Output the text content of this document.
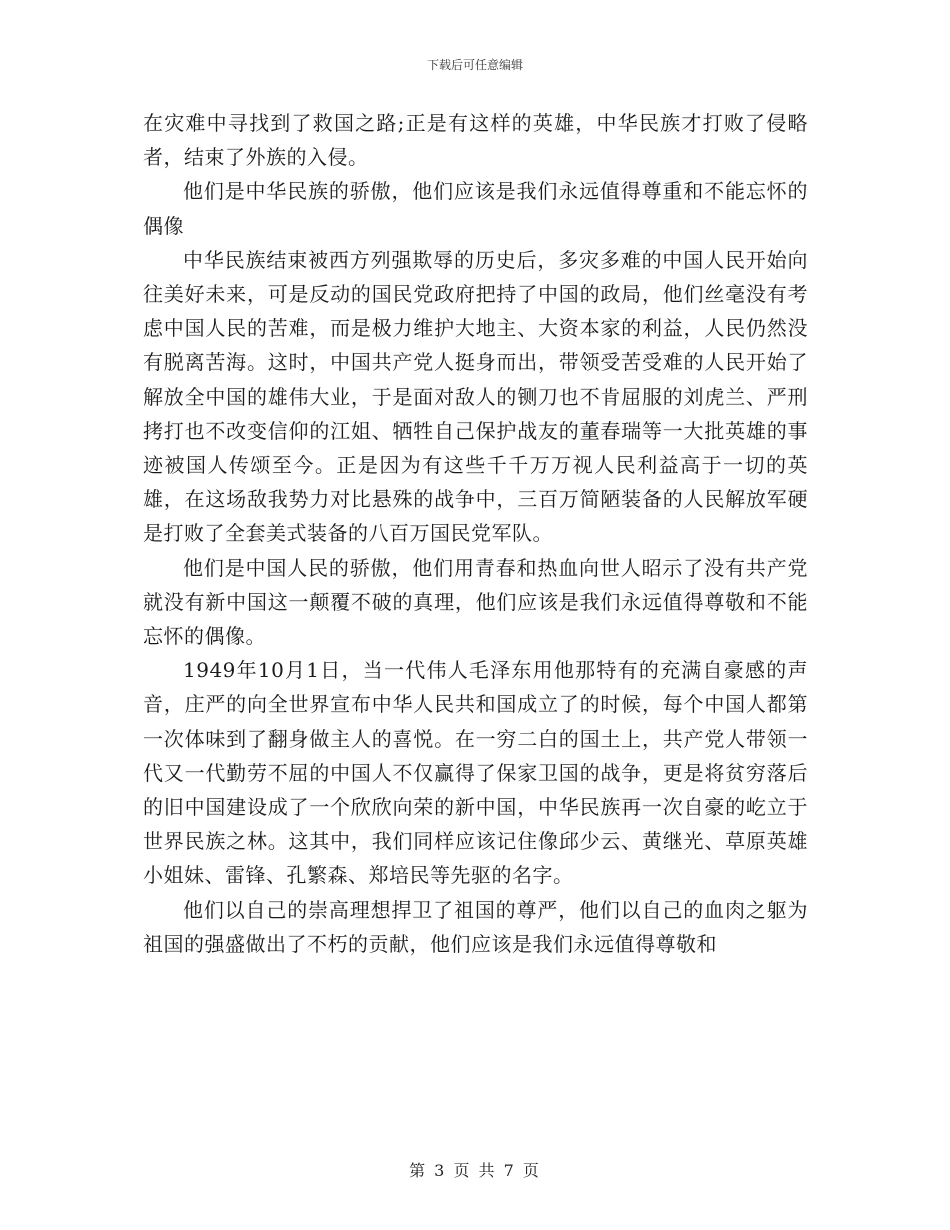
下载后可任意编辑

在灾难中寻找到了救国之路;正是有这样的英雄，中华民族才打败了侵略者，结束了外族的入侵。

他们是中华民族的骄傲，他们应该是我们永远值得尊重和不能忘怀的偶像

中华民族结束被西方列强欺辱的历史后，多灾多难的中国人民开始向往美好未来，可是反动的国民党政府把持了中国的政局，他们丝毫没有考虑中国人民的苦难，而是极力维护大地主、大资本家的利益，人民仍然没有脱离苦海。这时，中国共产党人挺身而出，带领受苦受难的人民开始了解放全中国的雄伟大业，于是面对敌人的铡刀也不肯屈服的刘虎兰、严刑拷打也不改变信仰的江姐、牺牲自己保护战友的董春瑞等一大批英雄的事迹被国人传颂至今。正是因为有这些千千万万视人民利益高于一切的英雄，在这场敌我势力对比悬殊的战争中，三百万简陋装备的人民解放军硬是打败了全套美式装备的八百万国民党军队。

他们是中国人民的骄傲，他们用青春和热血向世人昭示了没有共产党就没有新中国这一颠覆不破的真理，他们应该是我们永远值得尊敬和不能忘怀的偶像。

1949年10月1日，当一代伟人毛泽东用他那特有的充满自豪感的声音，庄严的向全世界宣布中华人民共和国成立了的时候，每个中国人都第一次体味到了翻身做主人的喜悦。在一穷二白的国土上，共产党人带领一代又一代勤劳不屈的中国人不仅赢得了保家卫国的战争，更是将贫穷落后的旧中国建设成了一个欣欣向荣的新中国，中华民族再一次自豪的屹立于世界民族之林。这其中，我们同样应该记住像邱少云、黄继光、草原英雄小姐妹、雷锋、孔繁森、郑培民等先驱的名字。

他们以自己的崇高理想捍卫了祖国的尊严，他们以自己的血肉之躯为祖国的强盛做出了不朽的贡献，他们应该是我们永远值得尊敬和

第 3 页 共 7 页
